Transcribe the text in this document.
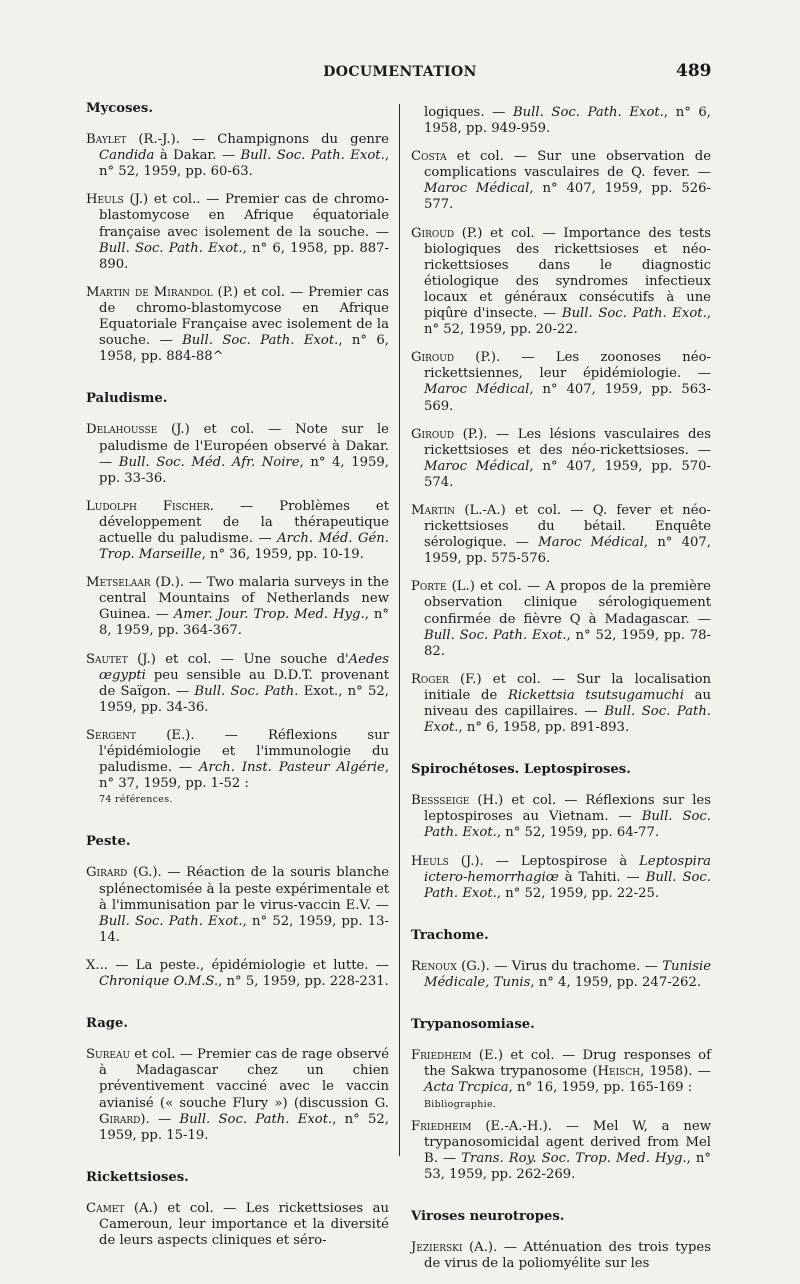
DOCUMENTATION	489
Mycoses.
Baylet (R.-J.). — Champignons du genre Candida à Dakar. — Bull. Soc. Path. Exot., n° 52, 1959, pp. 60-63.
Heuls (J.) et col.. — Premier cas de chromo-blastomycose en Afrique équatoriale française avec isolement de la souche. — Bull. Soc. Path. Exot., n° 6, 1958, pp. 887-890.
Martin de Mirandol (P.) et col. — Premier cas de chromo-blastomycose en Afrique Equatoriale Française avec isolement de la souche. — Bull. Soc. Path. Exot., n° 6, 1958, pp. 884-88^
Paludisme.
Delahousse (J.) et col. — Note sur le paludisme de l'Européen observé à Dakar. — Bull. Soc. Méd. Afr. Noire, n° 4, 1959, pp. 33-36.
Ludolph Fischer. — Problèmes et développement de la thérapeutique actuelle du paludisme. — Arch. Méd. Gén. Trop. Marseille, n° 36, 1959, pp. 10-19.
Metselaar (D.). — Two malaria surveys in the central Mountains of Netherlands new Guinea. — Amer. Jour. Trop. Med. Hyg., n° 8, 1959, pp. 364-367.
Sautet (J.) et col. — Une souche d'Aedes œgypti peu sensible au D.D.T. provenant de Saïgon. — Bull. Soc. Path. Exot., n° 52, 1959, pp. 34-36.
Sergent (E.). — Réflexions sur l'épidémiologie et l'immunologie du paludisme. — Arch. Inst. Pasteur Algérie, n° 37, 1959, pp. 1-52 :
74 références.
Peste.
Girard (G.). — Réaction de la souris blanche splénectomisée à la peste expérimentale et à l'immunisation par le virus-vaccin E.V. — Bull. Soc. Path. Exot., n° 52, 1959, pp. 13-14.
X... — La peste., épidémiologie et lutte. — Chronique O.M.S., n° 5, 1959, pp. 228-231.
Rage.
Sureau et col. — Premier cas de rage observé à Madagascar chez un chien préventivement vacciné avec le vaccin avianisé (« souche Flury ») (discussion G. Girard). — Bull. Soc. Path. Exot., n° 52, 1959, pp. 15-19.
Rickettsioses.
Camet (A.) et col. — Les rickettsioses au Cameroun, leur importance et la diversité de leurs aspects cliniques et séro-
logiques. — Bull. Soc. Path. Exot., n° 6, 1958, pp. 949-959.
Costa et col. — Sur une observation de complications vasculaires de Q. fever. — Maroc Médical, n° 407, 1959, pp. 526-577.
Giroud (P.) et col. — Importance des tests biologiques des rickettsioses et néo-rickettsioses dans le diagnostic étiologique des syndromes infectieux locaux et généraux consécutifs à une piqûre d'insecte. — Bull. Soc. Path. Exot., n° 52, 1959, pp. 20-22.
Giroud (P.). — Les zoonoses néo-rickettsiennes, leur épidémiologie. — Maroc Médical, n° 407, 1959, pp. 563-569.
Giroud (P.). — Les lésions vasculaires des rickettsioses et des néo-rickettsioses. — Maroc Médical, n° 407, 1959, pp. 570-574.
Martin (L.-A.) et col. — Q. fever et néo-rickettsioses du bétail. Enquête sérologique. — Maroc Médical, n° 407, 1959, pp. 575-576.
Porte (L.) et col. — A propos de la première observation clinique sérologiquement confirmée de fièvre Q à Madagascar. — Bull. Soc. Path. Exot., n° 52, 1959, pp. 78-82.
Roger (F.) et col. — Sur la localisation initiale de Rickettsia tsutsugamuchi au niveau des capillaires. — Bull. Soc. Path. Exot., n° 6, 1958, pp. 891-893.
Spirochétoses. Leptospiroses.
Bessseige (H.) et col. — Réflexions sur les leptospiroses au Vietnam. — Bull. Soc. Path. Exot., n° 52, 1959, pp. 64-77.
Heuls (J.). — Leptospirose à Leptospira ictero-hemorrhagiœ à Tahiti. — Bull. Soc. Path. Exot., n° 52, 1959, pp. 22-25.
Trachome.
Renoux (G.). — Virus du trachome. — Tunisie Médicale, Tunis, n° 4, 1959, pp. 247-262.
Trypanosomiase.
Friedheim (E.) et col. — Drug responses of the Sakwa trypanosome (Heisch, 1958). — Acta Trcpica, n° 16, 1959, pp. 165-169 :
Bibliographie.
Friedheim (E.-A.-H.). — Mel W, a new trypanosomicidal agent derived from Mel B. — Trans. Roy. Soc. Trop. Med. Hyg., n° 53, 1959, pp. 262-269.
Viroses neurotropes.
Jezierski (A.). — Atténuation des trois types de virus de la poliomyélite sur les
